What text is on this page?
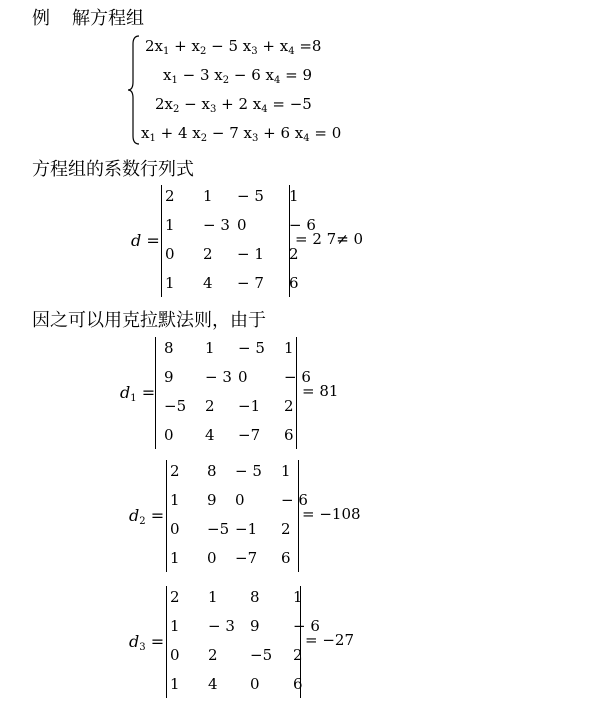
例 解方程组
$2x_1 + x_2 - 5$ $x_3 + x_4 =8$
$x_1 - 3$ $x_2 - 6$ $x_4 = 9$
$2x_2 - x_3 + 2$ $x_4 = -5$
$x_1 + 4$ $x_2 - 7$ $x_3 + 6$ $x_4 = 0$
方程组的系数行列式
因之可以用克拉默法则，由于
d =
2 1 − 5 1
1 − 3 0	− 6
0 2 − 1 2
1 4 − 7 6
= 2 7≠ 0
$d_1$ =
8 1 − 5 1
9 − 3 0 − 6
−5 2 −1 2
0 4 −7 6
= 81
$d_2$ =
2 8 − 5 1
1 9 0 − 6
0 −5 −1 2
1 0 −7 6
= −108
$d_3$ =
2 1 8 1
1 − 3 9 − 6
0 2 −5 2
1 4 0 6
= −27
